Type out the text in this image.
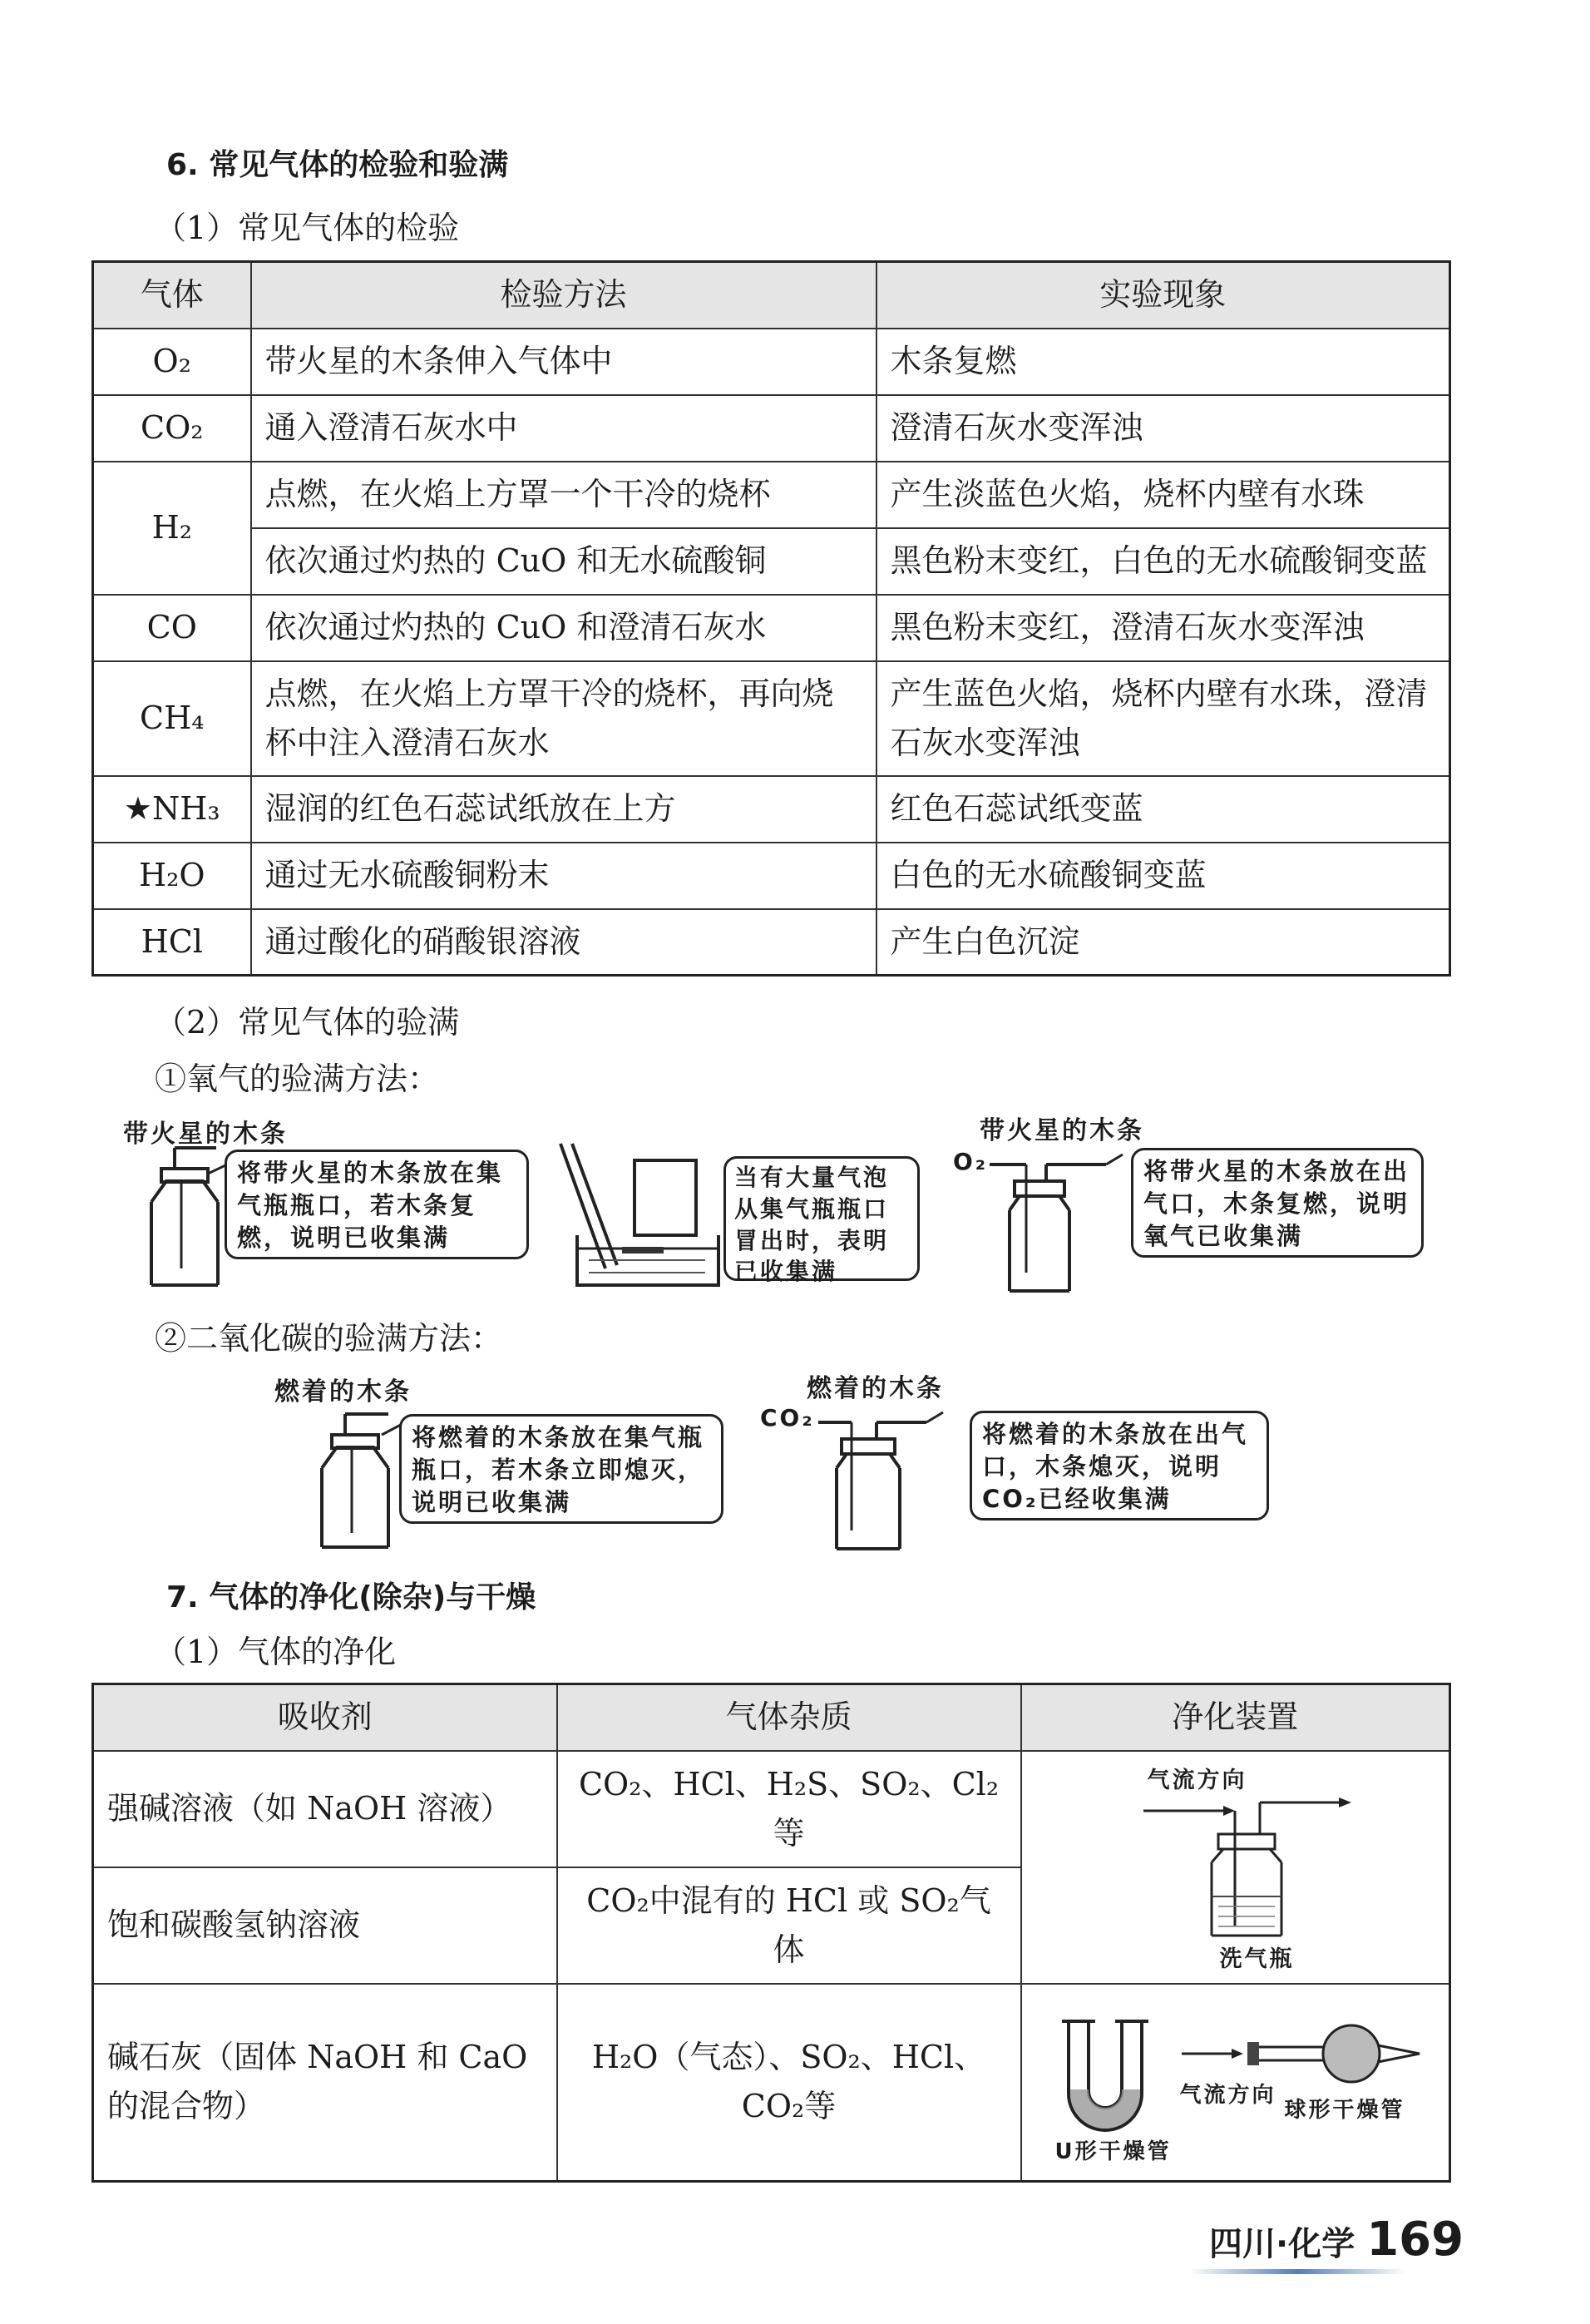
6. 常见气体的检验和验满
（1）常见气体的检验
气体	检验方法	实验现象
O₂	带火星的木条伸入气体中	木条复燃
CO₂	通入澄清石灰水中	澄清石灰水变浑浊
H₂	点燃，在火焰上方罩一个干冷的烧杯	产生淡蓝色火焰，烧杯内壁有水珠
	依次通过灼热的 CuO 和无水硫酸铜	黑色粉末变红，白色的无水硫酸铜变蓝
CO	依次通过灼热的 CuO 和澄清石灰水	黑色粉末变红，澄清石灰水变浑浊
CH₄	点燃，在火焰上方罩干冷的烧杯，再向烧杯中注入澄清石灰水	产生蓝色火焰，烧杯内壁有水珠，澄清石灰水变浑浊
★NH₃	湿润的红色石蕊试纸放在上方	红色石蕊试纸变蓝
H₂O	通过无水硫酸铜粉末	白色的无水硫酸铜变蓝
HCl	通过酸化的硝酸银溶液	产生白色沉淀
（2）常见气体的验满
①氧气的验满方法：
带火星的木条
将带火星的木条放在集气瓶瓶口，若木条复燃，说明已收集满
当有大量气泡从集气瓶瓶口冒出时，表明已收集满
带火星的木条
O₂	将带火星的木条放在出气口，木条复燃，说明氧气已收集满
②二氧化碳的验满方法：
燃着的木条
将燃着的木条放在集气瓶瓶口，若木条立即熄灭，说明已收集满
燃着的木条
CO₂
将燃着的木条放在出气口，木条熄灭，说明CO₂已经收集满
7. 气体的净化(除杂)与干燥
（1）气体的净化
吸收剂	气体杂质	净化装置
强碱溶液（如 NaOH 溶液）	CO₂、HCl、H₂S、SO₂、Cl₂等	气流方向
洗气瓶

饱和碳酸氢钠溶液	CO₂中混有的 HCl 或 SO₂气体	
碱石灰（固体 NaOH 和 CaO 的混合物）	H₂O（气态）、SO₂、HCl、CO₂等	U形干燥管
气流方向
球形干燥管
四川·化学 169
